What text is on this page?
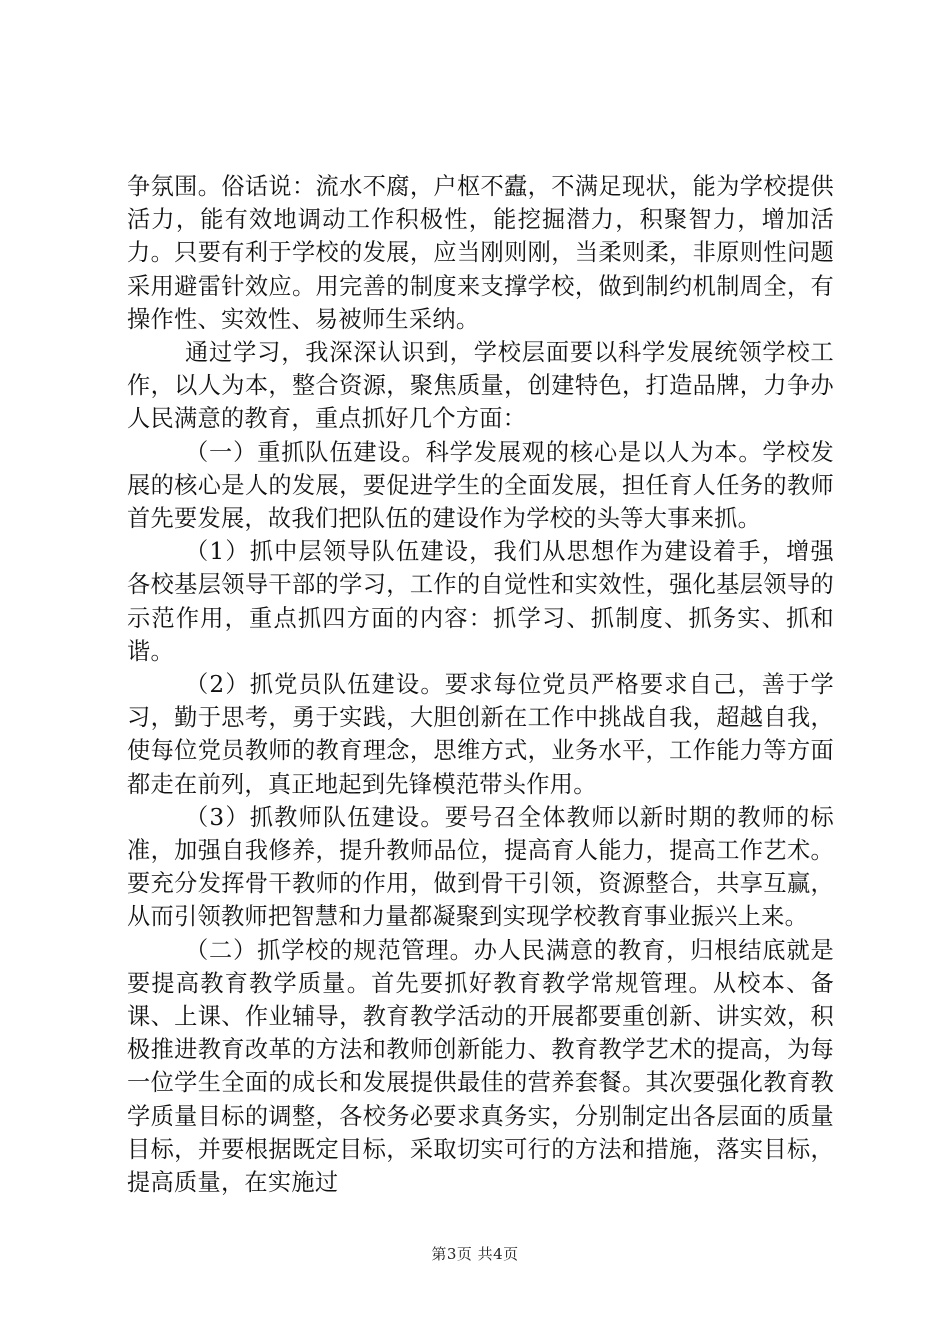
争氛围。俗话说：流水不腐，户枢不蠹，不满足现状，能为学校提供活力，能有效地调动工作积极性，能挖掘潜力，积聚智力，增加活力。只要有利于学校的发展，应当刚则刚，当柔则柔，非原则性问题采用避雷针效应。用完善的制度来支撑学校，做到制约机制周全，有操作性、实效性、易被师生采纳。

通过学习，我深深认识到，学校层面要以科学发展统领学校工作，以人为本，整合资源，聚焦质量，创建特色，打造品牌，力争办人民满意的教育，重点抓好几个方面：

（一）重抓队伍建设。科学发展观的核心是以人为本。学校发展的核心是人的发展，要促进学生的全面发展，担任育人任务的教师首先要发展，故我们把队伍的建设作为学校的头等大事来抓。

（1）抓中层领导队伍建设，我们从思想作为建设着手，增强各校基层领导干部的学习，工作的自觉性和实效性，强化基层领导的示范作用，重点抓四方面的内容：抓学习、抓制度、抓务实、抓和谐。

（2）抓党员队伍建设。要求每位党员严格要求自己，善于学习，勤于思考，勇于实践，大胆创新在工作中挑战自我，超越自我，使每位党员教师的教育理念，思维方式，业务水平，工作能力等方面都走在前列，真正地起到先锋模范带头作用。

（3）抓教师队伍建设。要号召全体教师以新时期的教师的标准，加强自我修养，提升教师品位，提高育人能力，提高工作艺术。要充分发挥骨干教师的作用，做到骨干引领，资源整合，共享互赢，从而引领教师把智慧和力量都凝聚到实现学校教育事业振兴上来。

（二）抓学校的规范管理。办人民满意的教育，归根结底就是要提高教育教学质量。首先要抓好教育教学常规管理。从校本、备课、上课、作业辅导，教育教学活动的开展都要重创新、讲实效，积极推进教育改革的方法和教师创新能力、教育教学艺术的提高，为每一位学生全面的成长和发展提供最佳的营养套餐。其次要强化教育教学质量目标的调整，各校务必要求真务实，分别制定出各层面的质量目标，并要根据既定目标，采取切实可行的方法和措施，落实目标，提高质量，在实施过

第3页 共4页
